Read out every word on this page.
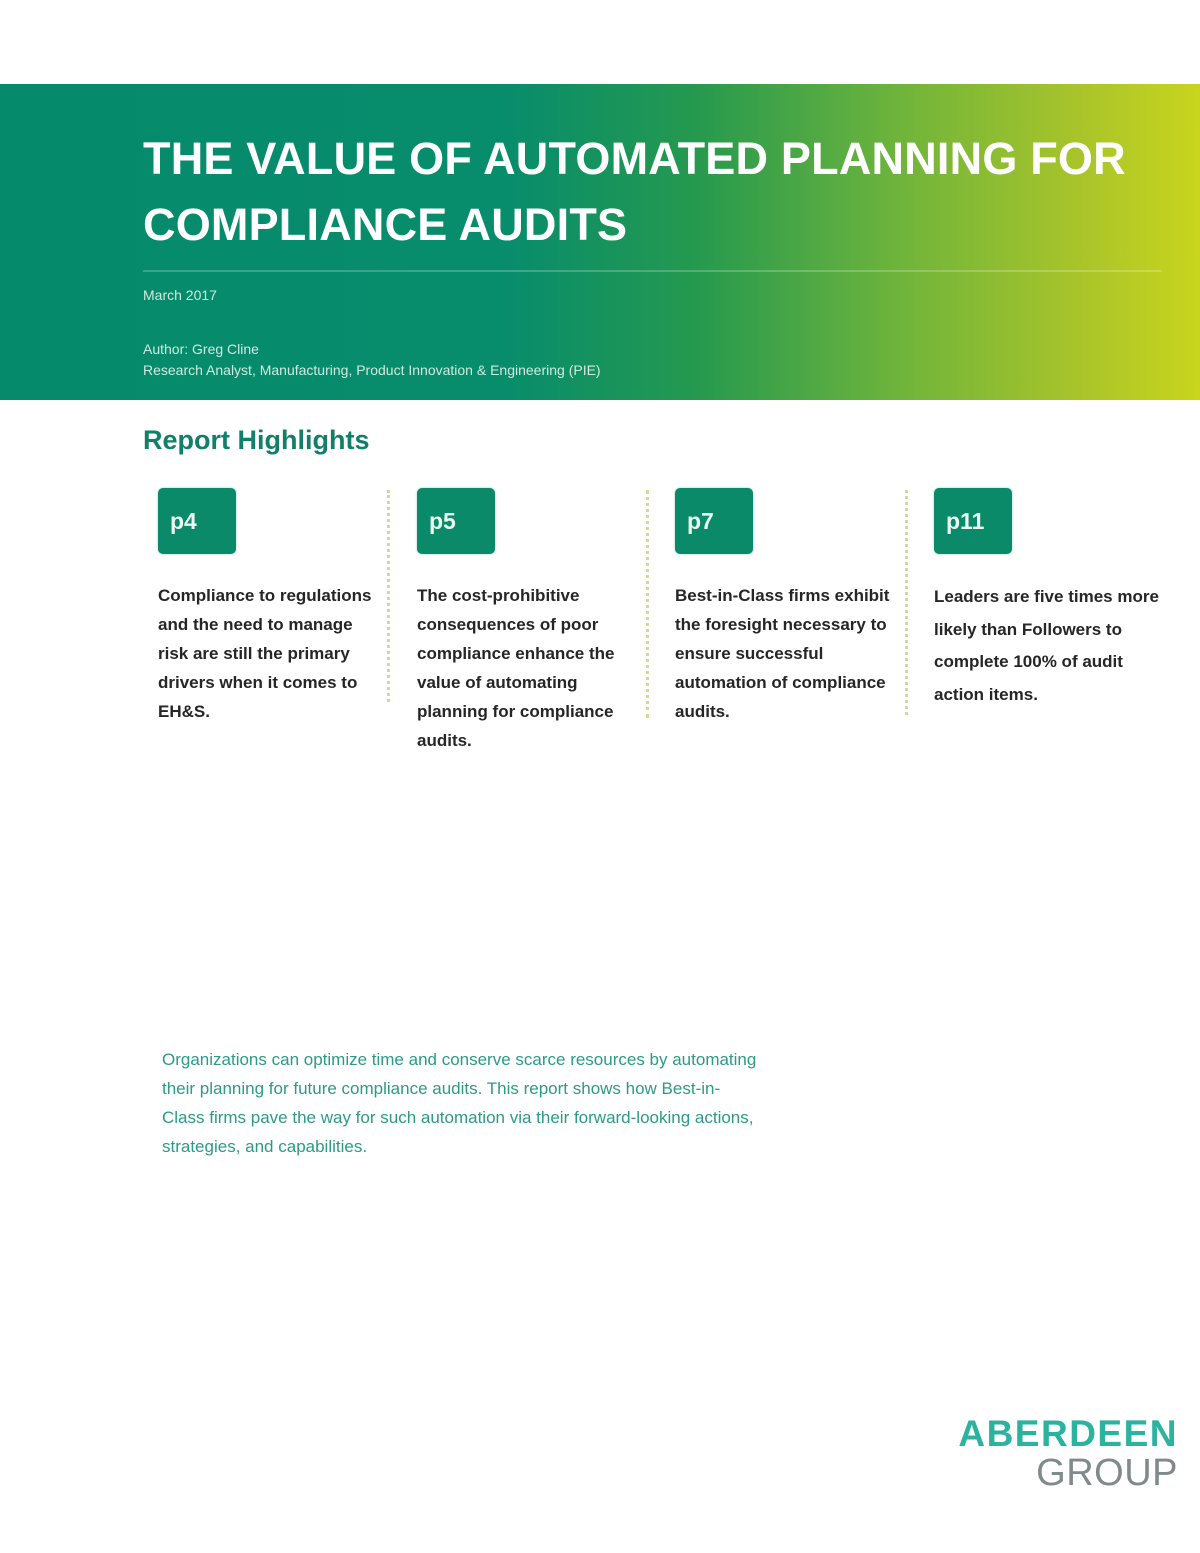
THE VALUE OF AUTOMATED PLANNING FOR COMPLIANCE AUDITS
March 2017
Author: Greg Cline
Research Analyst, Manufacturing, Product Innovation & Engineering (PIE)
Report Highlights
p4

Compliance to regulations and the need to manage risk are still the primary drivers when it comes to EH&S.

p5

The cost-prohibitive consequences of poor compliance enhance the value of automating planning for compliance audits.

p7

Best-in-Class firms exhibit the foresight necessary to ensure successful automation of compliance audits.

p11

Leaders are five times more likely than Followers to complete 100% of audit action items.

Organizations can optimize time and conserve scarce resources by automating their planning for future compliance audits. This report shows how Best-in-Class firms pave the way for such automation via their forward-looking actions, strategies, and capabilities.

ABERDEEN
GROUP
